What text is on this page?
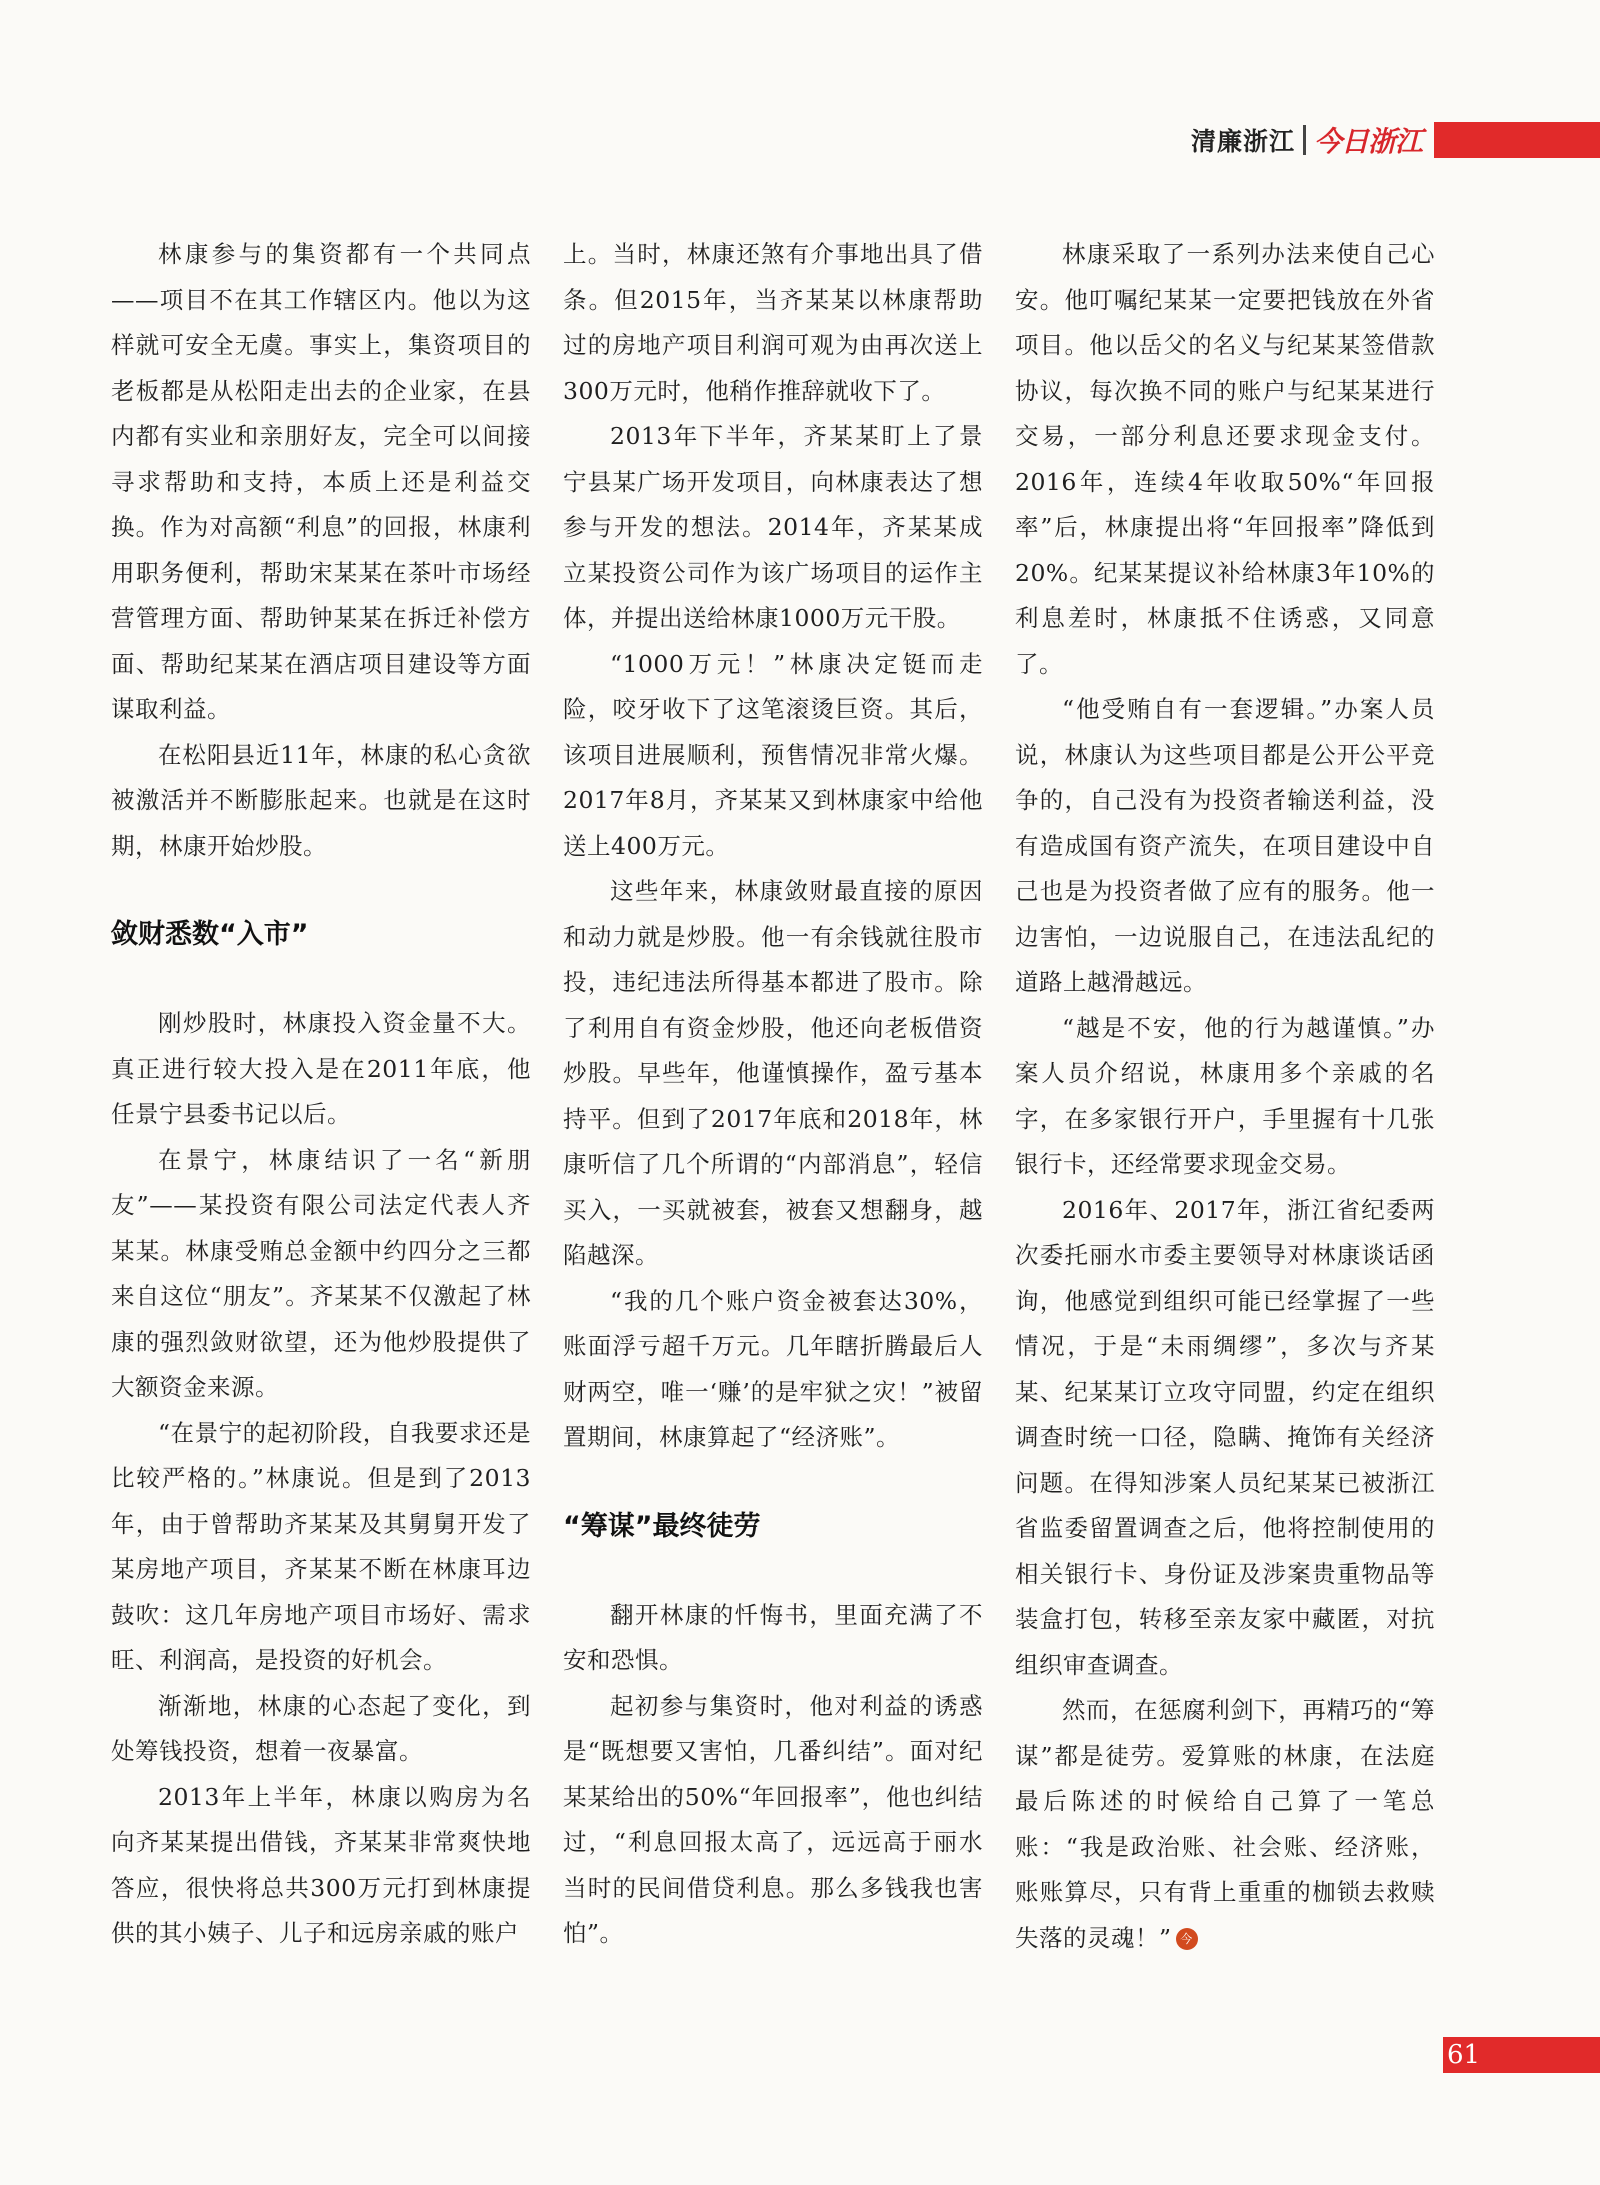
清廉浙江 今日浙江

林康参与的集资都有一个共同点——项目不在其工作辖区内。他以为这样就可安全无虞。事实上，集资项目的老板都是从松阳走出去的企业家，在县内都有实业和亲朋好友，完全可以间接寻求帮助和支持，本质上还是利益交换。作为对高额“利息”的回报，林康利用职务便利，帮助宋某某在茶叶市场经营管理方面、帮助钟某某在拆迁补偿方面、帮助纪某某在酒店项目建设等方面谋取利益。

在松阳县近11年，林康的私心贪欲被激活并不断膨胀起来。也就是在这时期，林康开始炒股。

敛财悉数“入市”

刚炒股时，林康投入资金量不大。真正进行较大投入是在2011年底，他任景宁县委书记以后。

在景宁，林康结识了一名“新朋友”——某投资有限公司法定代表人齐某某。林康受贿总金额中约四分之三都来自这位“朋友”。齐某某不仅激起了林康的强烈敛财欲望，还为他炒股提供了大额资金来源。

“在景宁的起初阶段，自我要求还是比较严格的。”林康说。但是到了2013年，由于曾帮助齐某某及其舅舅开发了某房地产项目，齐某某不断在林康耳边鼓吹：这几年房地产项目市场好、需求旺、利润高，是投资的好机会。

渐渐地，林康的心态起了变化，到处筹钱投资，想着一夜暴富。

2013年上半年，林康以购房为名向齐某某提出借钱，齐某某非常爽快地答应，很快将总共300万元打到林康提供的其小姨子、儿子和远房亲戚的账户

上。当时，林康还煞有介事地出具了借条。但2015年，当齐某某以林康帮助过的房地产项目利润可观为由再次送上300万元时，他稍作推辞就收下了。

2013年下半年，齐某某盯上了景宁县某广场开发项目，向林康表达了想参与开发的想法。2014年，齐某某成立某投资公司作为该广场项目的运作主体，并提出送给林康1000万元干股。

“1000万元！”林康决定铤而走险，咬牙收下了这笔滚烫巨资。其后，该项目进展顺利，预售情况非常火爆。2017年8月，齐某某又到林康家中给他送上400万元。

这些年来，林康敛财最直接的原因和动力就是炒股。他一有余钱就往股市投，违纪违法所得基本都进了股市。除了利用自有资金炒股，他还向老板借资炒股。早些年，他谨慎操作，盈亏基本持平。但到了2017年底和2018年，林康听信了几个所谓的“内部消息”，轻信买入，一买就被套，被套又想翻身，越陷越深。

“我的几个账户资金被套达30%，账面浮亏超千万元。几年瞎折腾最后人财两空，唯一‘赚’的是牢狱之灾！”被留置期间，林康算起了“经济账”。

“筹谋”最终徒劳

翻开林康的忏悔书，里面充满了不安和恐惧。

起初参与集资时，他对利益的诱惑是“既想要又害怕，几番纠结”。面对纪某某给出的50%“年回报率”，他也纠结过，“利息回报太高了，远远高于丽水当时的民间借贷利息。那么多钱我也害怕”。

林康采取了一系列办法来使自己心安。他叮嘱纪某某一定要把钱放在外省项目。他以岳父的名义与纪某某签借款协议，每次换不同的账户与纪某某进行交易，一部分利息还要求现金支付。2016年，连续4年收取50%“年回报率”后，林康提出将“年回报率”降低到20%。纪某某提议补给林康3年10%的利息差时，林康抵不住诱惑，又同意了。

“他受贿自有一套逻辑。”办案人员说，林康认为这些项目都是公开公平竞争的，自己没有为投资者输送利益，没有造成国有资产流失，在项目建设中自己也是为投资者做了应有的服务。他一边害怕，一边说服自己，在违法乱纪的道路上越滑越远。

“越是不安，他的行为越谨慎。”办案人员介绍说，林康用多个亲戚的名字，在多家银行开户，手里握有十几张银行卡，还经常要求现金交易。

2016年、2017年，浙江省纪委两次委托丽水市委主要领导对林康谈话函询，他感觉到组织可能已经掌握了一些情况，于是“未雨绸缪”，多次与齐某某、纪某某订立攻守同盟，约定在组织调查时统一口径，隐瞒、掩饰有关经济问题。在得知涉案人员纪某某已被浙江省监委留置调查之后，他将控制使用的相关银行卡、身份证及涉案贵重物品等装盒打包，转移至亲友家中藏匿，对抗组织审查调查。

然而，在惩腐利剑下，再精巧的“筹谋”都是徒劳。爱算账的林康，在法庭最后陈述的时候给自己算了一笔总账：“我是政治账、社会账、经济账，账账算尽，只有背上重重的枷锁去救赎失落的灵魂！” 今

61
